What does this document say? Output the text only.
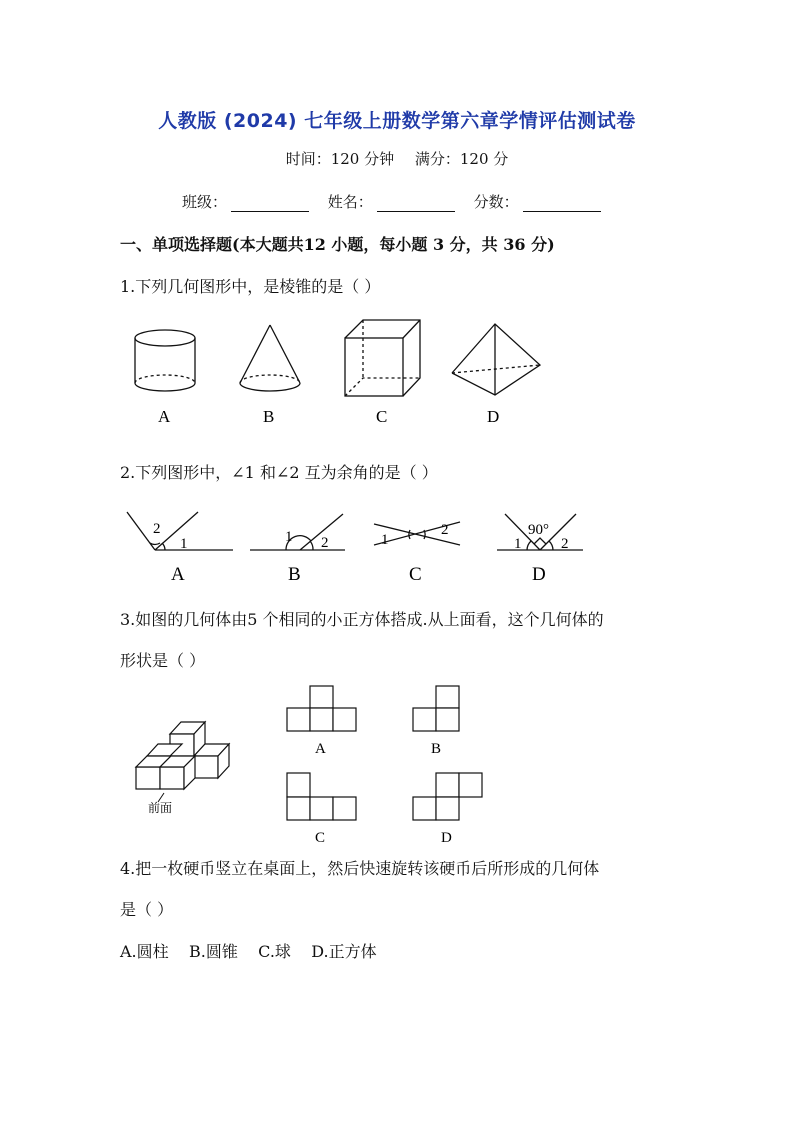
人教版 (2024) 七年级上册数学第六章学情评估测试卷
时间：120 分钟 满分：120 分
班级：	姓名：	分数：
一、单项选择题(本大题共12 小题，每小题 3 分，共 36 分)
1.下列几何图形中，是棱锥的是（ ）
A	B	C	D
2.下列图形中，∠1 和∠2 互为余角的是（ ）
2
1	1 2	1
2	90°
1	2
A	B	C	D
3.如图的几何体由5 个相同的小正方体搭成.从上面看，这个几何体的
形状是（ ）
前面
A	B
C	D
4.把一枚硬币竖立在桌面上，然后快速旋转该硬币后所形成的几何体
是（ ）
A.圆柱    B.圆锥    C.球    D.正方体
